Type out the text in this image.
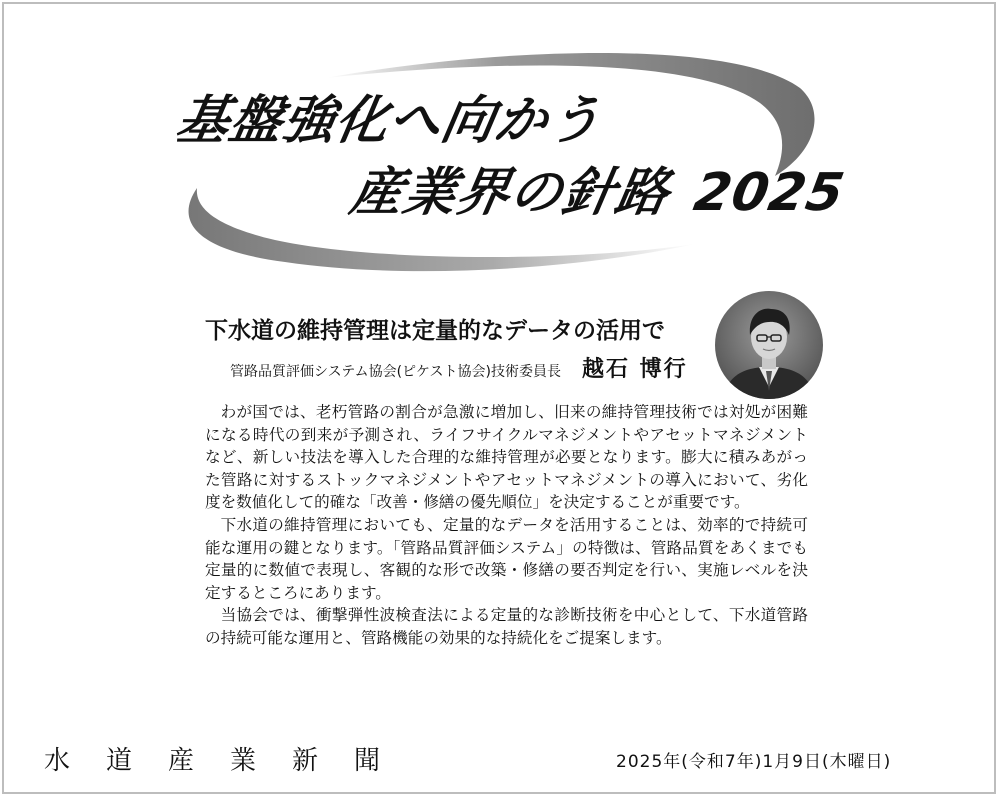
基盤強化へ向かう
産業界の針路 2025
下水道の維持管理は定量的なデータの活用で
管路品質評価システム協会(ピケスト協会)技術委員長 越石 博行

わが国では、老朽管路の割合が急激に増加し、旧来の維持管理技術では対処が困難になる時代の到来が予測され、ライフサイクルマネジメントやアセットマネジメントなど、新しい技法を導入した合理的な維持管理が必要となります。膨大に積みあがった管路に対するストックマネジメントやアセットマネジメントの導入において、劣化度を数値化して的確な「改善・修繕の優先順位」を決定することが重要です。

下水道の維持管理においても、定量的なデータを活用することは、効率的で持続可能な運用の鍵となります。「管路品質評価システム」の特徴は、管路品質をあくまでも定量的に数値で表現し、客観的な形で改築・修繕の要否判定を行い、実施レベルを決定するところにあります。

当協会では、衝撃弾性波検査法による定量的な診断技術を中心として、下水道管路の持続可能な運用と、管路機能の効果的な持続化をご提案します。

水道産業新聞	2025年(令和7年)1月9日(木曜日)
